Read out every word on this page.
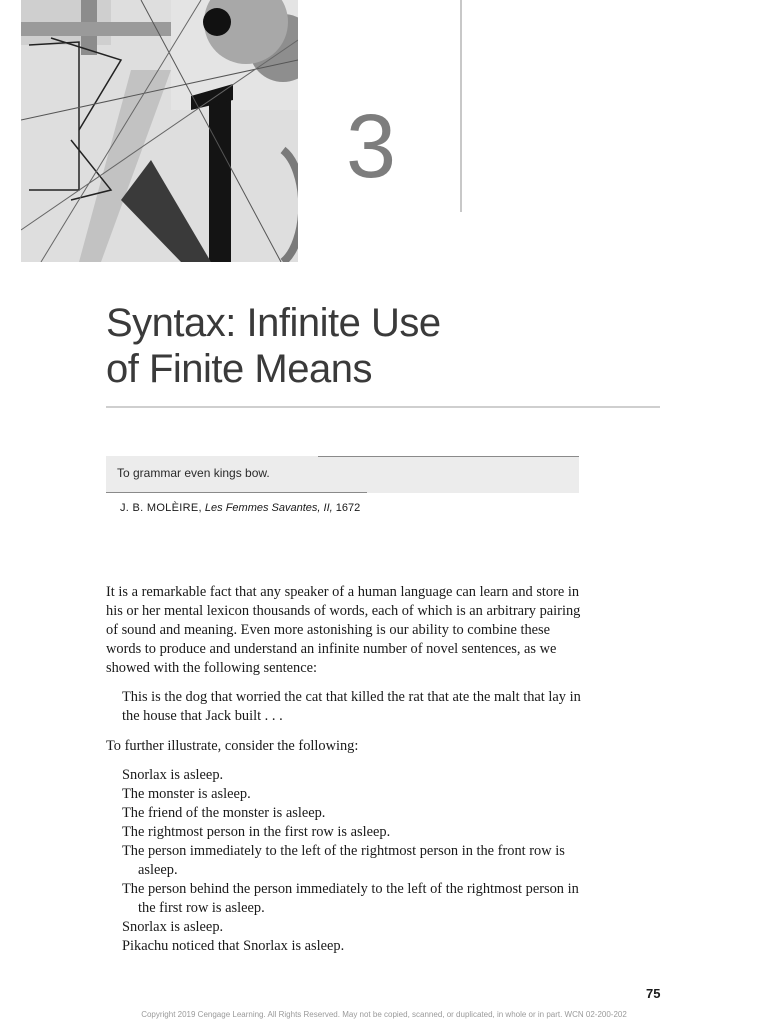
3
Syntax: Infinite Use
of Finite Means
To grammar even kings bow.
J. B. MOLÈIRE, Les Femmes Savantes, II, 1672

It is a remarkable fact that any speaker of a human language can learn and store in his or her mental lexicon thousands of words, each of which is an arbitrary pairing of sound and meaning. Even more astonishing is our ability to combine these words to produce and understand an infinite number of novel sentences, as we showed with the following sentence:

This is the dog that worried the cat that killed the rat that ate the malt that lay in the house that Jack built . . .

To further illustrate, consider the following:

Snorlax is asleep.
The monster is asleep.
The friend of the monster is asleep.
The rightmost person in the first row is asleep.
The person immediately to the left of the rightmost person in the front row is asleep.
The person behind the person immediately to the left of the rightmost person in the first row is asleep.
Snorlax is asleep.
Pikachu noticed that Snorlax is asleep.
75
Copyright 2019 Cengage Learning. All Rights Reserved. May not be copied, scanned, or duplicated, in whole or in part. WCN 02-200-202
